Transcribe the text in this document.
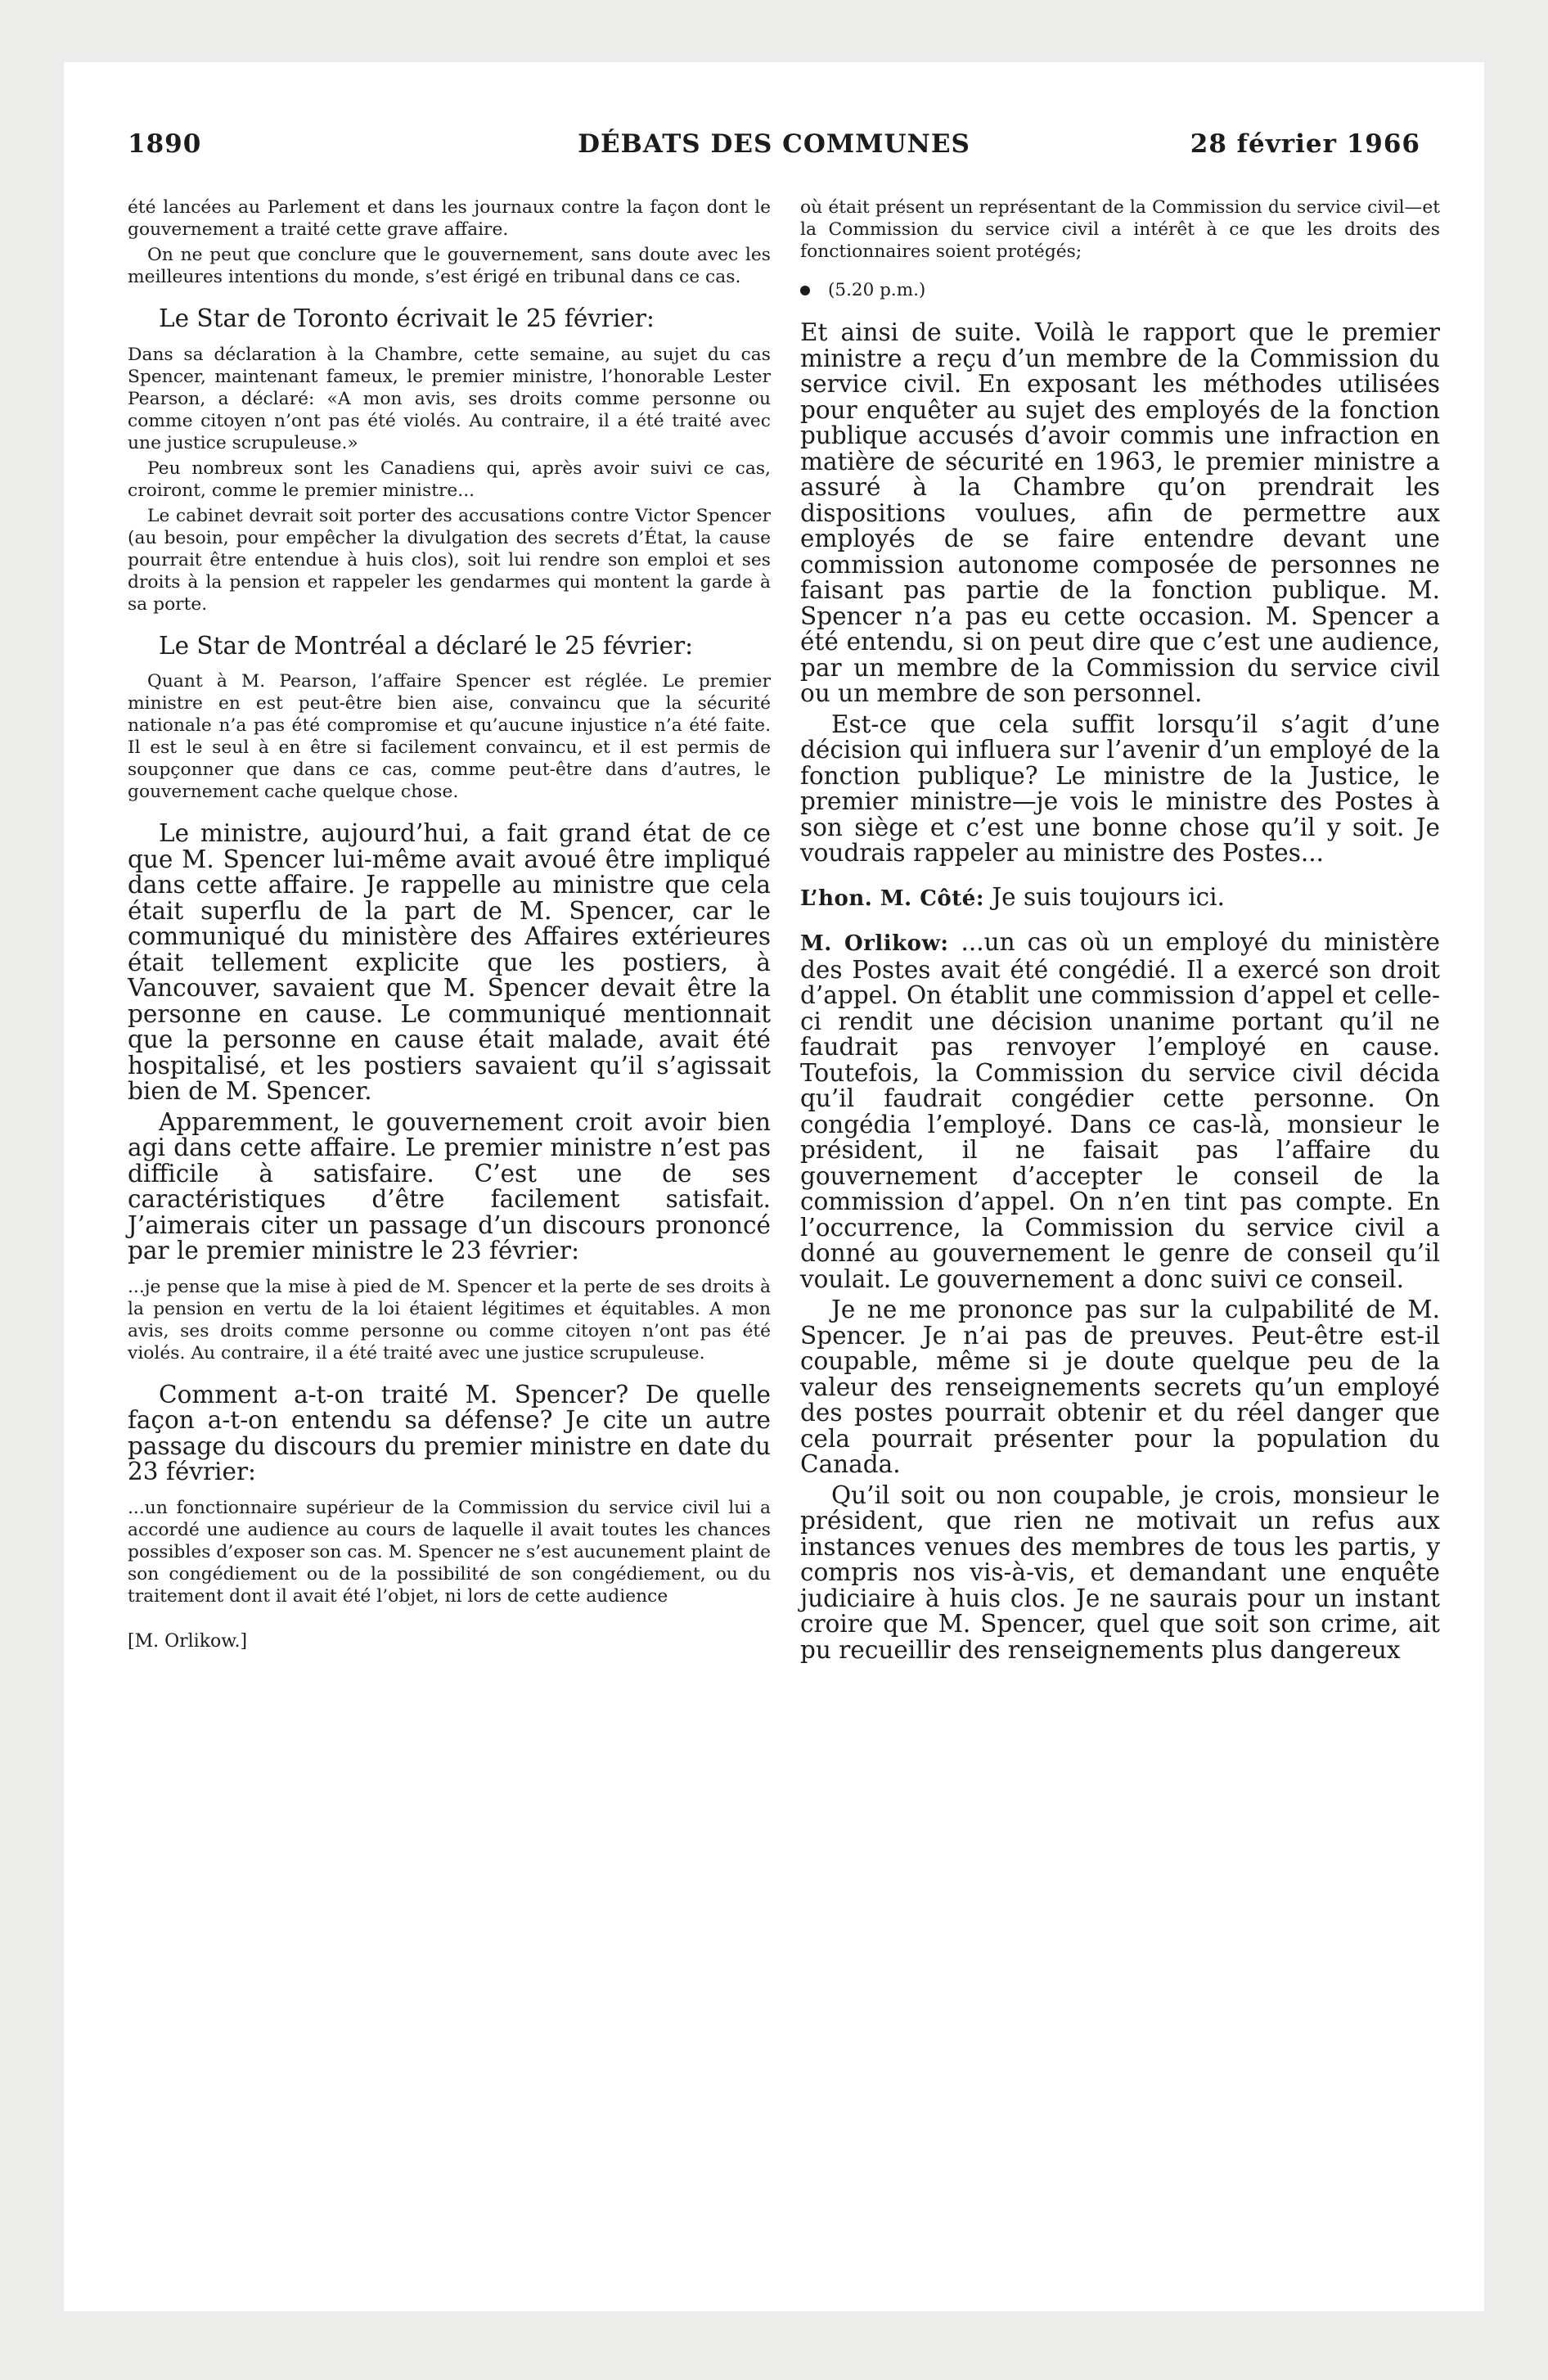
1890	DÉBATS DES COMMUNES	28 février 1966

été lancées au Parlement et dans les journaux contre la façon dont le gouvernement a traité cette grave affaire.

On ne peut que conclure que le gouvernement, sans doute avec les meilleures intentions du monde, s’est érigé en tribunal dans ce cas.

Le Star de Toronto écrivait le 25 février:

Dans sa déclaration à la Chambre, cette semaine, au sujet du cas Spencer, maintenant fameux, le premier ministre, l’honorable Lester Pearson, a déclaré: «A mon avis, ses droits comme personne ou comme citoyen n’ont pas été violés. Au contraire, il a été traité avec une justice scrupuleuse.»

Peu nombreux sont les Canadiens qui, après avoir suivi ce cas, croiront, comme le premier ministre...

Le cabinet devrait soit porter des accusations contre Victor Spencer (au besoin, pour empêcher la divulgation des secrets d’État, la cause pourrait être entendue à huis clos), soit lui rendre son emploi et ses droits à la pension et rappeler les gendarmes qui montent la garde à sa porte.

Le Star de Montréal a déclaré le 25 février:

Quant à M. Pearson, l’affaire Spencer est réglée. Le premier ministre en est peut-être bien aise, convaincu que la sécurité nationale n’a pas été compromise et qu’aucune injustice n’a été faite. Il est le seul à en être si facilement convaincu, et il est permis de soupçonner que dans ce cas, comme peut-être dans d’autres, le gouvernement cache quelque chose.

Le ministre, aujourd’hui, a fait grand état de ce que M. Spencer lui-même avait avoué être impliqué dans cette affaire. Je rappelle au ministre que cela était superflu de la part de M. Spencer, car le communiqué du ministère des Affaires extérieures était tellement explicite que les postiers, à Vancouver, savaient que M. Spencer devait être la personne en cause. Le communiqué mentionnait que la personne en cause était malade, avait été hospitalisé, et les postiers savaient qu’il s’agissait bien de M. Spencer.

Apparemment, le gouvernement croit avoir bien agi dans cette affaire. Le premier ministre n’est pas difficile à satisfaire. C’est une de ses caractéristiques d’être facilement satisfait. J’aimerais citer un passage d’un discours prononcé par le premier ministre le 23 février:

...je pense que la mise à pied de M. Spencer et la perte de ses droits à la pension en vertu de la loi étaient légitimes et équitables. A mon avis, ses droits comme personne ou comme citoyen n’ont pas été violés. Au contraire, il a été traité avec une justice scrupuleuse.

Comment a-t-on traité M. Spencer? De quelle façon a-t-on entendu sa défense? Je cite un autre passage du discours du premier ministre en date du 23 février:

...un fonctionnaire supérieur de la Commission du service civil lui a accordé une audience au cours de laquelle il avait toutes les chances possibles d’exposer son cas. M. Spencer ne s’est aucunement plaint de son congédiement ou de la possibilité de son congédiement, ou du traitement dont il avait été l’objet, ni lors de cette audience

[M. Orlikow.]

où était présent un représentant de la Commission du service civil—et la Commission du service civil a intérêt à ce que les droits des fonctionnaires soient protégés;

(5.20 p.m.)

Et ainsi de suite. Voilà le rapport que le premier ministre a reçu d’un membre de la Commission du service civil. En exposant les méthodes utilisées pour enquêter au sujet des employés de la fonction publique accusés d’avoir commis une infraction en matière de sécurité en 1963, le premier ministre a assuré à la Chambre qu’on prendrait les dispositions voulues, afin de permettre aux employés de se faire entendre devant une commission autonome composée de personnes ne faisant pas partie de la fonction publique. M. Spencer n’a pas eu cette occasion. M. Spencer a été entendu, si on peut dire que c’est une audience, par un membre de la Commission du service civil ou un membre de son personnel.

Est-ce que cela suffit lorsqu’il s’agit d’une décision qui influera sur l’avenir d’un employé de la fonction publique? Le ministre de la Justice, le premier ministre—je vois le ministre des Postes à son siège et c’est une bonne chose qu’il y soit. Je voudrais rappeler au ministre des Postes...

L’hon. M. Côté: Je suis toujours ici.

M. Orlikow: ...un cas où un employé du ministère des Postes avait été congédié. Il a exercé son droit d’appel. On établit une commission d’appel et celle-ci rendit une décision unanime portant qu’il ne faudrait pas renvoyer l’employé en cause. Toutefois, la Commission du service civil décida qu’il faudrait congédier cette personne. On congédia l’employé. Dans ce cas-là, monsieur le président, il ne faisait pas l’affaire du gouvernement d’accepter le conseil de la commission d’appel. On n’en tint pas compte. En l’occurrence, la Commission du service civil a donné au gouvernement le genre de conseil qu’il voulait. Le gouvernement a donc suivi ce conseil.

Je ne me prononce pas sur la culpabilité de M. Spencer. Je n’ai pas de preuves. Peut-être est-il coupable, même si je doute quelque peu de la valeur des renseignements secrets qu’un employé des postes pourrait obtenir et du réel danger que cela pourrait présenter pour la population du Canada.

Qu’il soit ou non coupable, je crois, monsieur le président, que rien ne motivait un refus aux instances venues des membres de tous les partis, y compris nos vis-à-vis, et demandant une enquête judiciaire à huis clos. Je ne saurais pour un instant croire que M. Spencer, quel que soit son crime, ait pu recueillir des renseignements plus dangereux
